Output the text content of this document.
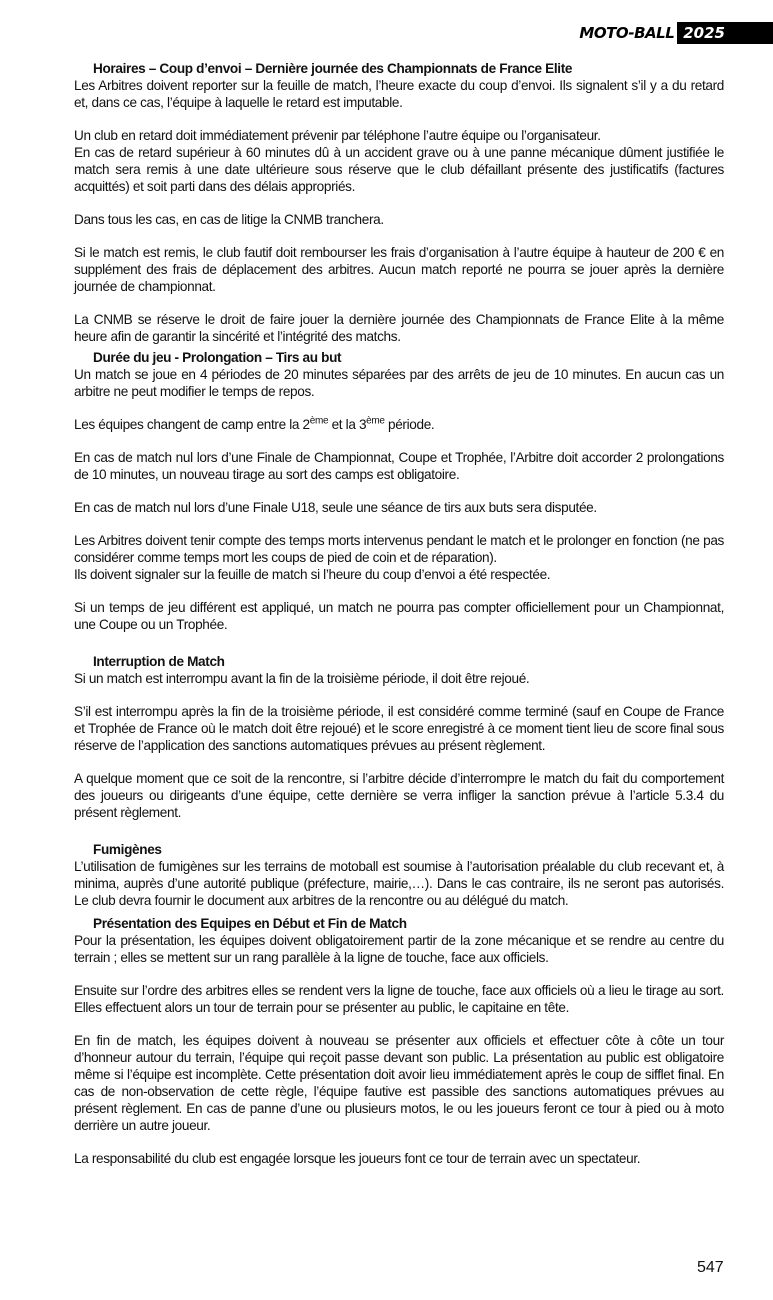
MOTO-BALL 2025
Horaires – Coup d’envoi – Dernière journée des Championnats de France Elite

Les Arbitres doivent reporter sur la feuille de match, l’heure exacte du coup d’envoi. Ils signalent s’il y a du retard et, dans ce cas, l’équipe à laquelle le retard est imputable.

Un club en retard doit immédiatement prévenir par téléphone l’autre équipe ou l’organisateur.

En cas de retard supérieur à 60 minutes dû à un accident grave ou à une panne mécanique dûment justifiée le match sera remis à une date ultérieure sous réserve que le club défaillant présente des justificatifs (factures acquittés) et soit parti dans des délais appropriés.

Dans tous les cas, en cas de litige la CNMB tranchera.

Si le match est remis, le club fautif doit rembourser les frais d’organisation à l’autre équipe à hauteur de 200 € en supplément des frais de déplacement des arbitres. Aucun match reporté ne pourra se jouer après la dernière journée de championnat.

La CNMB se réserve le droit de faire jouer la dernière journée des Championnats de France Elite à la même heure afin de garantir la sincérité et l’intégrité des matchs.

Durée du jeu - Prolongation – Tirs au but

Un match se joue en 4 périodes de 20 minutes séparées par des arrêts de jeu de 10 minutes. En aucun cas un arbitre ne peut modifier le temps de repos.

Les équipes changent de camp entre la 2ème et la 3ème période.

En cas de match nul lors d’une Finale de Championnat, Coupe et Trophée, l’Arbitre doit accorder 2 prolongations de 10 minutes, un nouveau tirage au sort des camps est obligatoire.

En cas de match nul lors d’une Finale U18, seule une séance de tirs aux buts sera disputée.

Les Arbitres doivent tenir compte des temps morts intervenus pendant le match et le prolonger en fonction (ne pas considérer comme temps mort les coups de pied de coin et de réparation).

Ils doivent signaler sur la feuille de match si l’heure du coup d’envoi a été respectée.

Si un temps de jeu différent est appliqué, un match ne pourra pas compter officiellement pour un Championnat, une Coupe ou un Trophée.

Interruption de Match

Si un match est interrompu avant la fin de la troisième période, il doit être rejoué.

S’il est interrompu après la fin de la troisième période, il est considéré comme terminé (sauf en Coupe de France et Trophée de France où le match doit être rejoué) et le score enregistré à ce moment tient lieu de score final sous réserve de l’application des sanctions automatiques prévues au présent règlement.

A quelque moment que ce soit de la rencontre, si l’arbitre décide d’interrompre le match du fait du comportement des joueurs ou dirigeants d’une équipe, cette dernière se verra infliger la sanction prévue à l’article 5.3.4 du présent règlement.

Fumigènes

L’utilisation de fumigènes sur les terrains de motoball est soumise à l’autorisation préalable du club recevant et, à minima, auprès d’une autorité publique (préfecture, mairie,…). Dans le cas contraire, ils ne seront pas autorisés. Le club devra fournir le document aux arbitres de la rencontre ou au délégué du match.

Présentation des Equipes en Début et Fin de Match

Pour la présentation, les équipes doivent obligatoirement partir de la zone mécanique et se rendre au centre du terrain ; elles se mettent sur un rang parallèle à la ligne de touche, face aux officiels.

Ensuite sur l’ordre des arbitres elles se rendent vers la ligne de touche, face aux officiels où a lieu le tirage au sort. Elles effectuent alors un tour de terrain pour se présenter au public, le capitaine en tête.

En fin de match, les équipes doivent à nouveau se présenter aux officiels et effectuer côte à côte un tour d’honneur autour du terrain, l’équipe qui reçoit passe devant son public. La présentation au public est obligatoire même si l’équipe est incomplète. Cette présentation doit avoir lieu immédiatement après le coup de sifflet final. En cas de non-observation de cette règle, l’équipe fautive est passible des sanctions automatiques prévues au présent règlement. En cas de panne d’une ou plusieurs motos, le ou les joueurs feront ce tour à pied ou à moto derrière un autre joueur.

La responsabilité du club est engagée lorsque les joueurs font ce tour de terrain avec un spectateur.

547
